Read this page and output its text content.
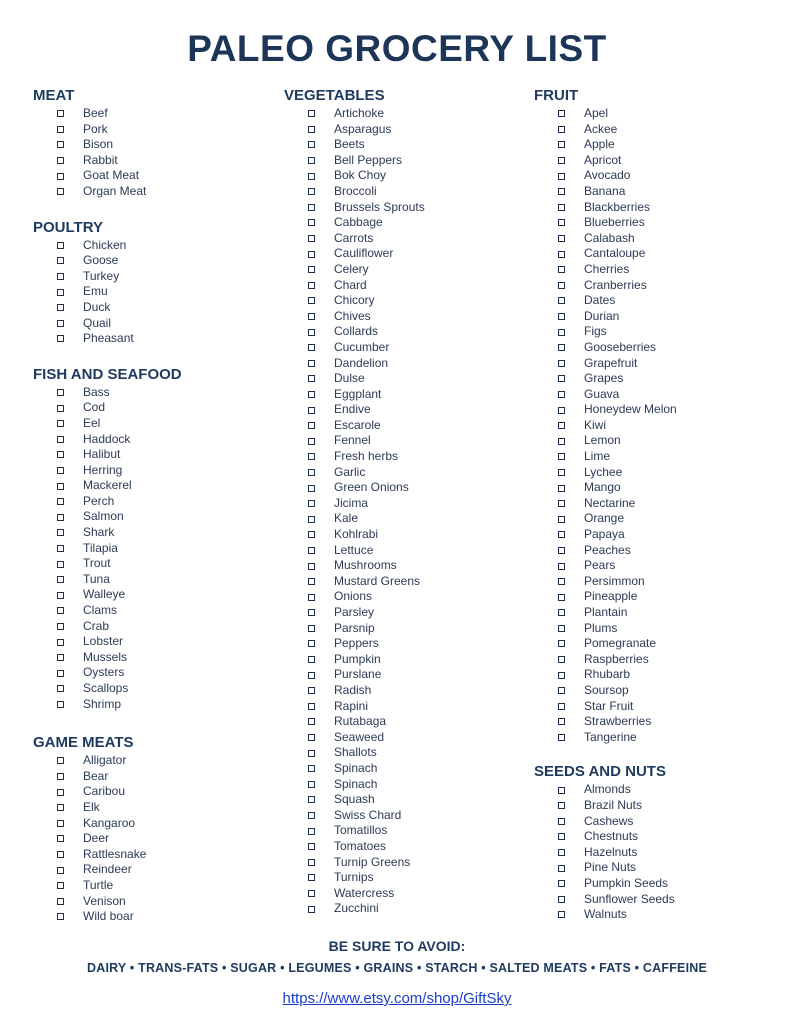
PALEO GROCERY LIST
MEAT
Beef
Pork
Bison
Rabbit
Goat Meat
Organ Meat
POULTRY
Chicken
Goose
Turkey
Emu
Duck
Quail
Pheasant
FISH AND SEAFOOD
Bass
Cod
Eel
Haddock
Halibut
Herring
Mackerel
Perch
Salmon
Shark
Tilapia
Trout
Tuna
Walleye
Clams
Crab
Lobster
Mussels
Oysters
Scallops
Shrimp
GAME MEATS
Alligator
Bear
Caribou
Elk
Kangaroo
Deer
Rattlesnake
Reindeer
Turtle
Venison
Wild boar
VEGETABLES
Artichoke
Asparagus
Beets
Bell Peppers
Bok Choy
Broccoli
Brussels Sprouts
Cabbage
Carrots
Cauliflower
Celery
Chard
Chicory
Chives
Collards
Cucumber
Dandelion
Dulse
Eggplant
Endive
Escarole
Fennel
Fresh herbs
Garlic
Green Onions
Jicima
Kale
Kohlrabi
Lettuce
Mushrooms
Mustard Greens
Onions
Parsley
Parsnip
Peppers
Pumpkin
Purslane
Radish
Rapini
Rutabaga
Seaweed
Shallots
Spinach
Spinach
Squash
Swiss Chard
Tomatillos
Tomatoes
Turnip Greens
Turnips
Watercress
Zucchini
FRUIT
Apel
Ackee
Apple
Apricot
Avocado
Banana
Blackberries
Blueberries
Calabash
Cantaloupe
Cherries
Cranberries
Dates
Durian
Figs
Gooseberries
Grapefruit
Grapes
Guava
Honeydew Melon
Kiwi
Lemon
Lime
Lychee
Mango
Nectarine
Orange
Papaya
Peaches
Pears
Persimmon
Pineapple
Plantain
Plums
Pomegranate
Raspberries
Rhubarb
Soursop
Star Fruit
Strawberries
Tangerine
SEEDS AND NUTS
Almonds
Brazil Nuts
Cashews
Chestnuts
Hazelnuts
Pine Nuts
Pumpkin Seeds
Sunflower Seeds
Walnuts

BE SURE TO AVOID:

DAIRY • TRANS-FATS • SUGAR • LEGUMES • GRAINS • STARCH • SALTED MEATS • FATS • CAFFEINE
https://www.etsy.com/shop/GiftSky
